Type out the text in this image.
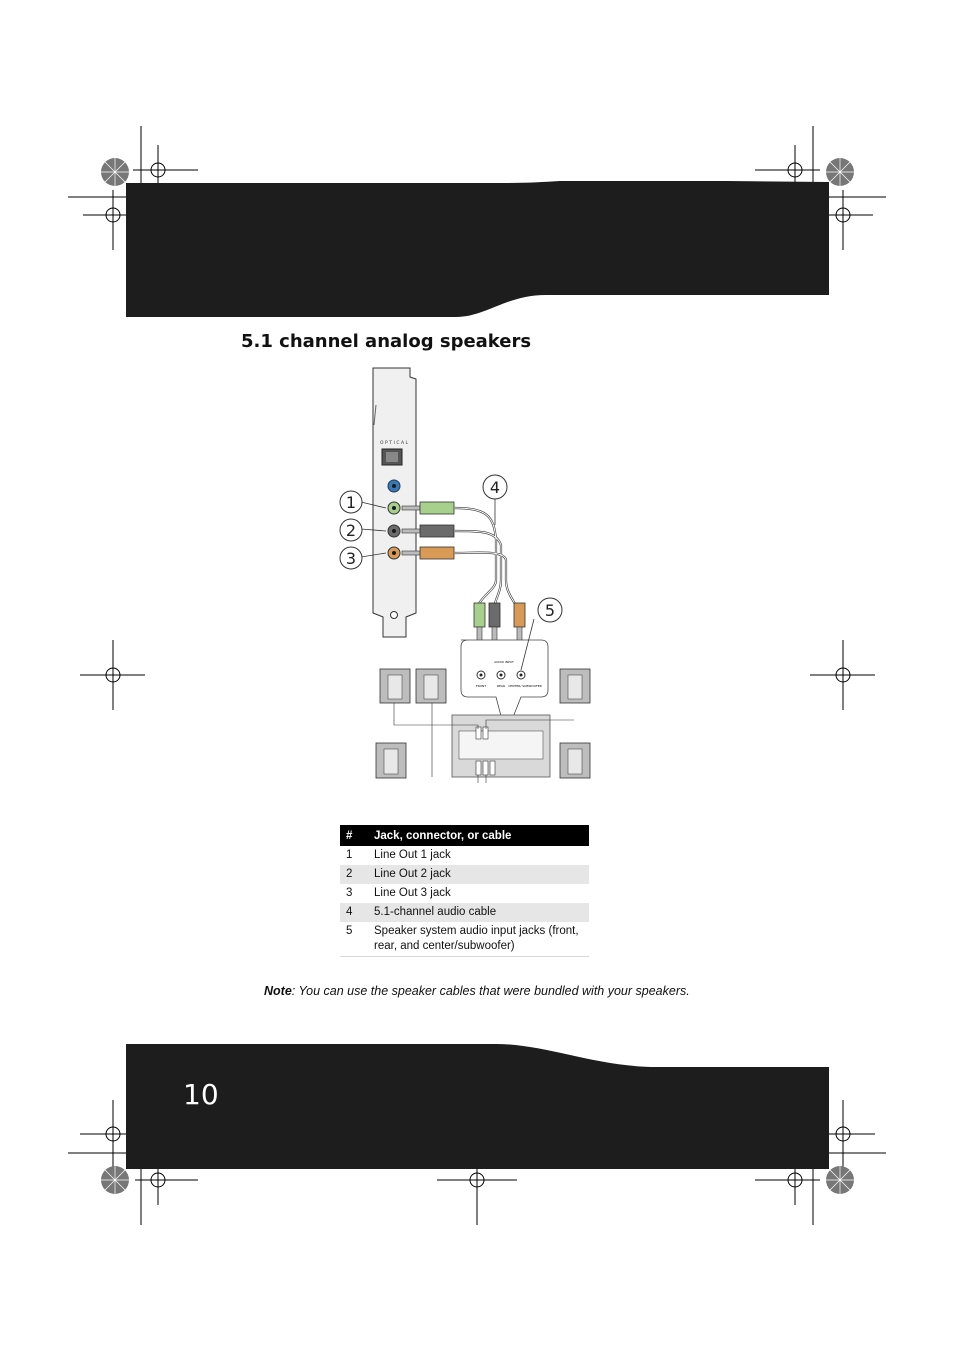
5.1 channel analog speakers
OPTICAL
AUDIO INPUT
FRONT	REAR CENTER/ SUBWOOFER
1
2
3
4
5
#	Jack, connector, or cable
1	Line Out 1 jack
2	Line Out 2 jack
3	Line Out 3 jack
4	5.1-channel audio cable
5	Speaker system audio input jacks (front, rear, and center/subwoofer)
Note: You can use the speaker cables that were bundled with your speakers.
10
